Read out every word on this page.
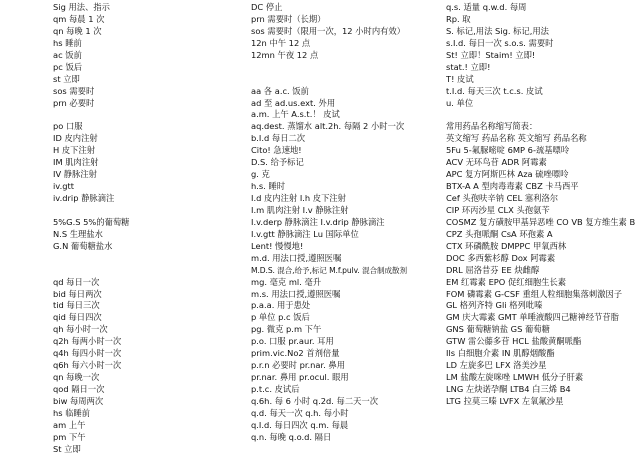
Sig 用法、指示
qm 每晨 1 次
qn 每晚 1 次
hs 睡前
ac 饭前
pc 饭后
st 立即
sos 需要时
prn 必要时
po 口服
ID 皮内注射
H 皮下注射
IM 肌肉注射
IV 静脉注射
iv.gtt
iv.drip 静脉滴注
5%G.S 5%的葡萄糖
N.S 生理盐水
G.N 葡萄糖盐水
qd 每日一次
bid 每日两次
tid 每日三次
qid 每日四次
qh 每小时一次
q2h 每两小时一次
q4h 每四小时一次
q6h 每六小时一次
qn 每晚一次
qod 隔日一次
biw 每周两次
hs 临睡前
am 上午
pm 下午
St 立即
DC 停止
prn 需要时（长期）
sos 需要时（限用一次，12 小时内有效）
12n 中午 12 点
12mn 午夜 12 点
aa 各 a.c. 饭前
ad 至 ad.us.ext. 外用
a.m. 上午 A.s.t.！ 皮试
aq.dest. 蒸馏水 alt.2h. 每隔 2 小时一次
b.I.d 每日二次
Cito! 急速地!
D.S. 给予标记
g. 克
h.s. 睡时
I.d 皮内注射 I.h 皮下注射
I.m 肌肉注射 I.v 静脉注射
I.v.derp 静脉滴注 I.v.drip 静脉滴注
I.v.gtt 静脉滴注 Lu 国际单位
Lent! 慢慢地!
m.d. 用法口授,遵照医嘱
M.D.S. 混合,给予,标记 M.f.pulv. 混合制成散剂
mg. 毫克 ml. 毫升
m.s. 用法口授,遵照医嘱
p.a.a. 用于患处
p 单位 p.c 饭后
pg. 微克 p.m 下午
p.o. 口服 pr.aur. 耳用
prim.vic.No2 首剂倍量
p.r.n 必要时 pr.nar. 鼻用
pr.nar. 鼻用 pr.ocul. 眼用
p.t.c. 皮试后
q.6h. 每 6 小时 q.2d. 每二天一次
q.d. 每天一次 q.h. 每小时
q.I.d. 每日四次 q.m. 每晨
q.n. 每晚 q.o.d. 隔日
q.s. 适量 q.w.d. 每周
Rp. 取
S. 标记,用法 Sig. 标记,用法
s.I.d. 每日一次 s.o.s. 需要时
St! 立即！Staim! 立即!
stat.! 立即!
T! 皮试
t.I.d. 每天三次 t.c.s. 皮试
u. 单位
常用药品名称缩写简表：
英文缩写 药品名称 英文缩写 药品名称
5Fu 5-氟脲嘧啶 6MP 6-巯基嘌呤
ACV 无环鸟苷 ADR 阿霉素
APC 复方阿斯匹林 Aza 硫唑嘌呤
BTX-A A 型肉毒毒素 CBZ 卡马西平
Cef 头孢呋辛钠 CEL 塞利洛尔
CIP 环丙沙星 CLX 头孢氨苄
COSMZ 复方磺胺甲基异恶唑 CO VB 复方维生素 B
CPZ 头孢哌酮 CsA 环孢素 A
CTX 环磷酰胺 DMPPC 甲氧西林
DOC 多西紫杉醇 Dox 阿霉素
DRL 屈洛昔芬 EE 炔雌醇
EM 红霉素 EPO 促红细胞生长素
FOM 磷霉素 G-CSF 重组人粒细胞集落刺激因子
GL 格列齐特 Gli 格列吡嗪
GM 庆大霉素 GMT 单唾液酸四己糖神经节苷脂
GNS 葡萄糖钠盐 GS 葡萄糖
GTW 雷公藤多苷 HCL 盐酸黄酮哌酯
Ils 白细胞介素 IN 肌醇烟酸酯
LD 左旋多巴 LFX 洛美沙星
LM 盐酸左旋咪唑 LMWH 低分子肝素
LNG 左炔诺孕酮 LTB4 白三烯 B4
LTG 拉莫三嗪 LVFX 左氧氟沙星
